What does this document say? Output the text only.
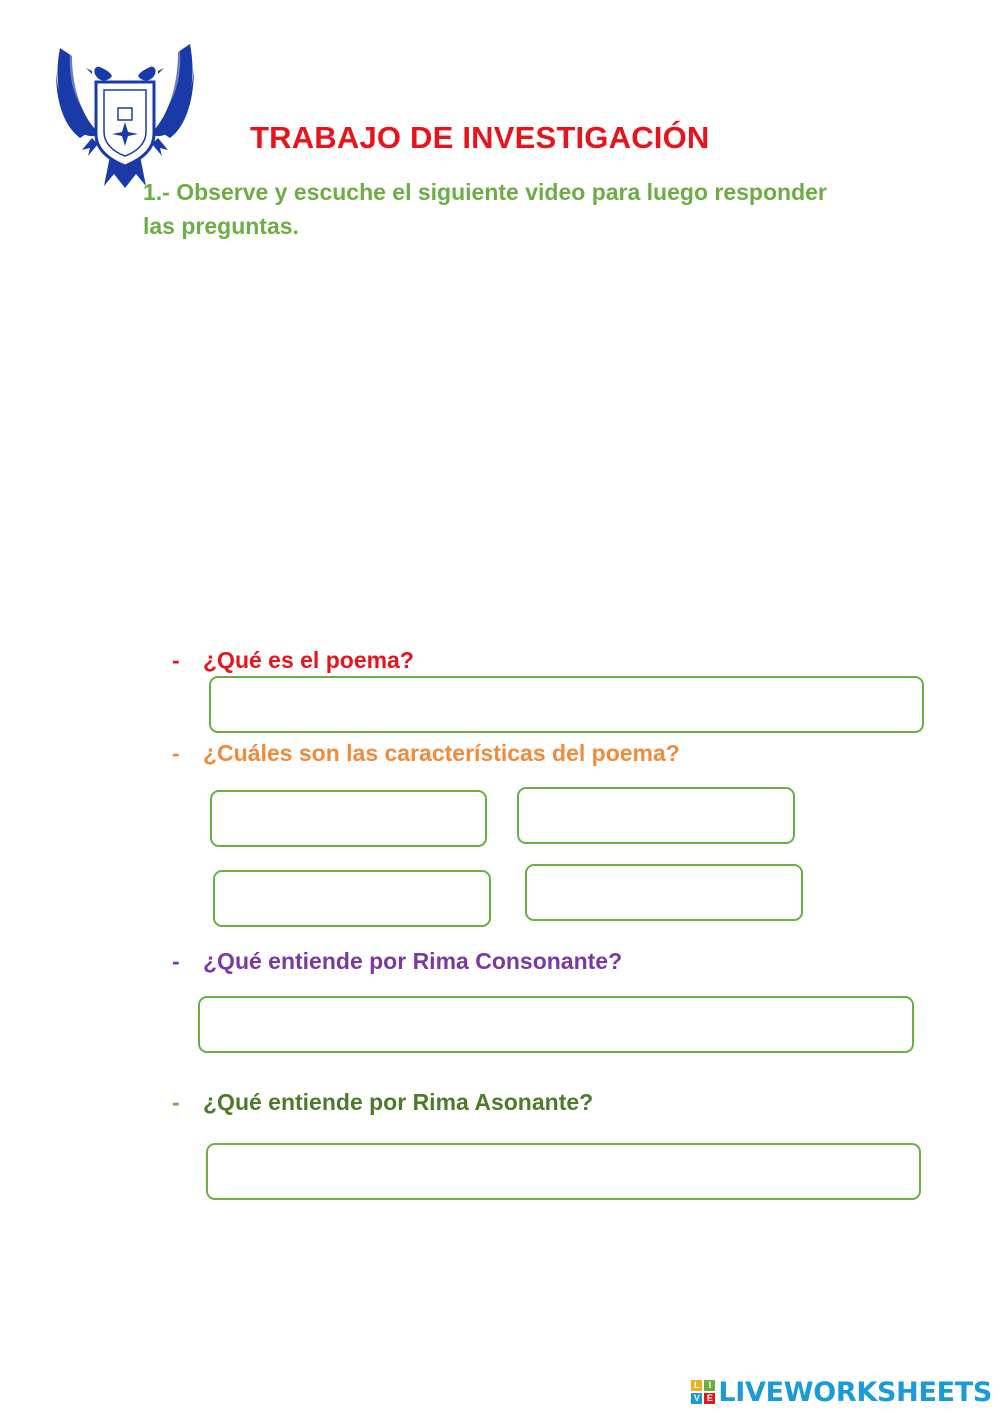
TRABAJO DE INVESTIGACIÓN
1.- Observe y escuche el siguiente video para luego responder las preguntas.
- ¿Qué es el poema?
- ¿Cuáles son las características del poema?
- ¿Qué entiende por Rima Consonante?
- ¿Qué entiende por Rima Asonante?
L I
V E LIVEWORKSHEETS
